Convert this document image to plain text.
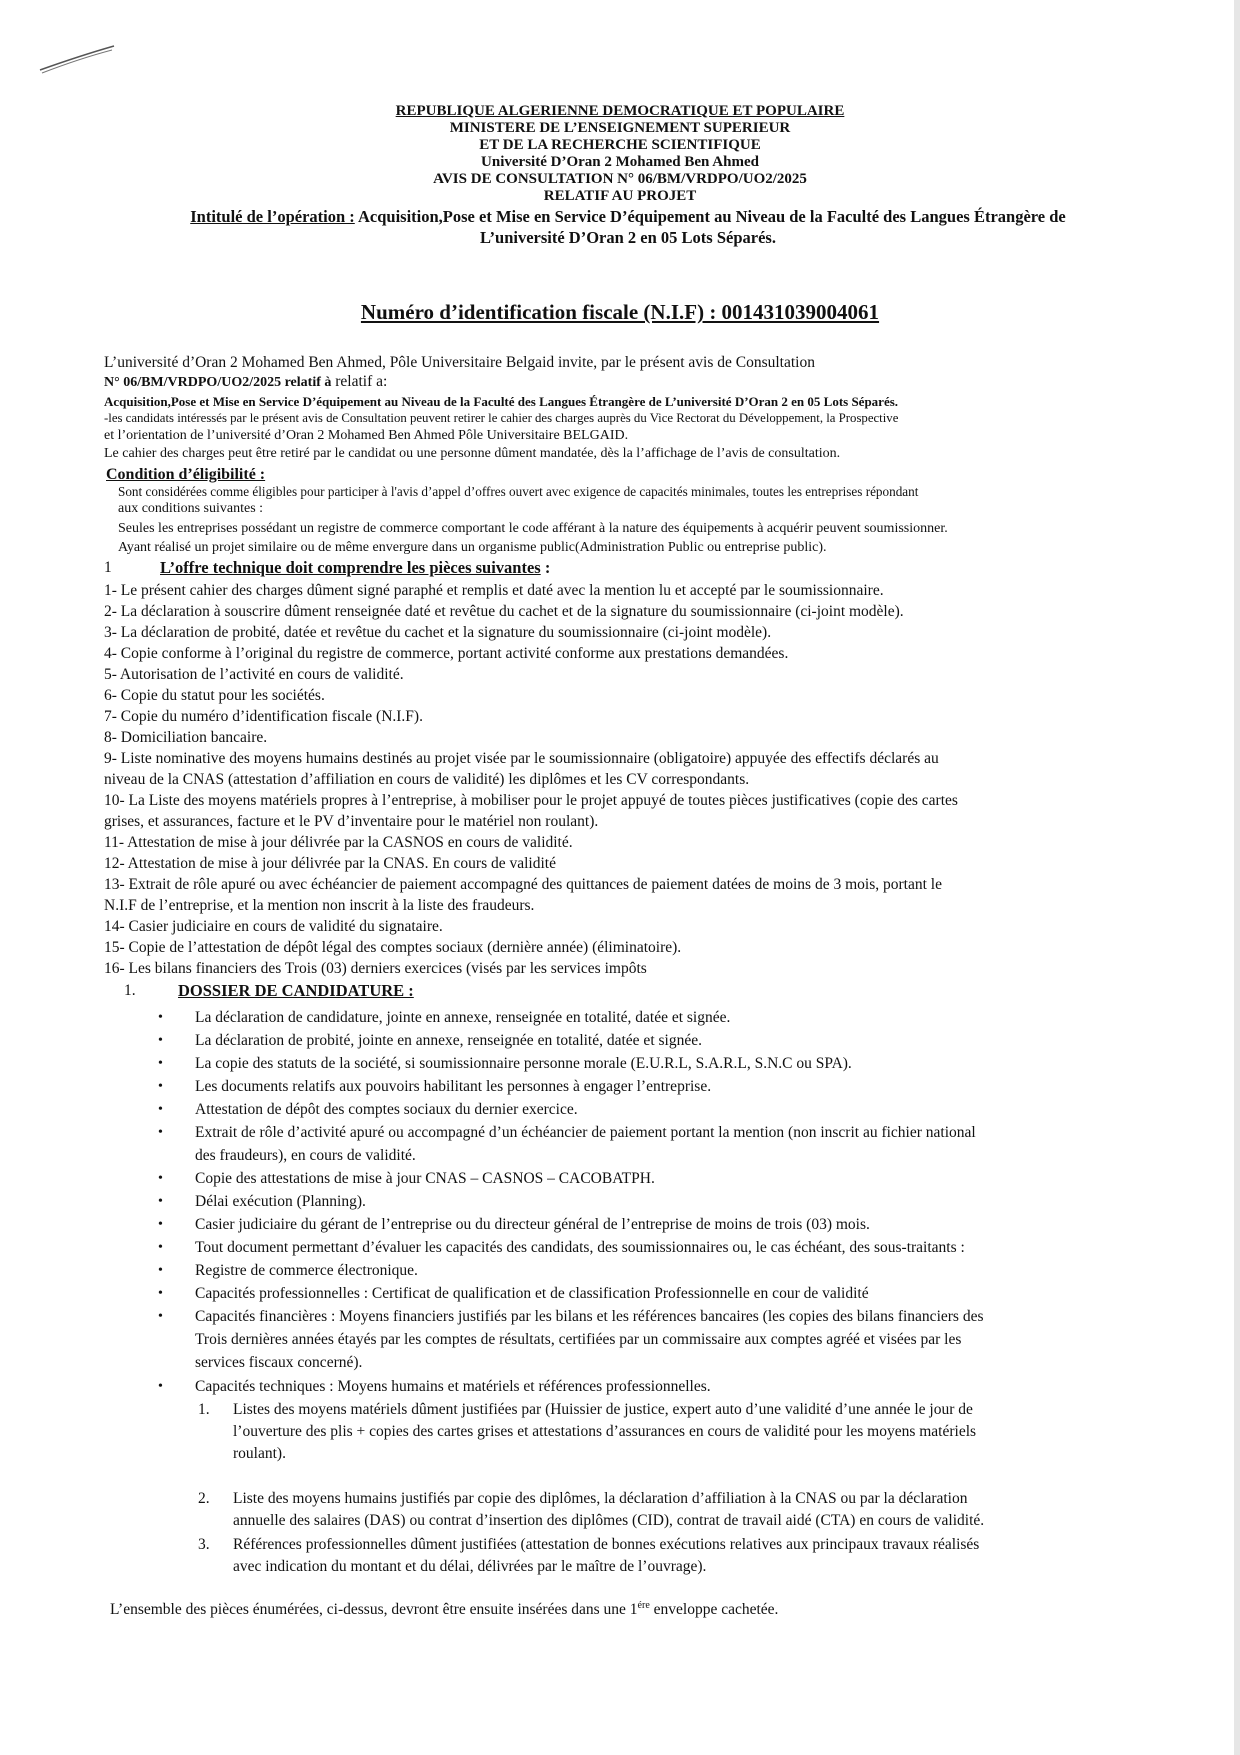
REPUBLIQUE ALGERIENNE DEMOCRATIQUE ET POPULAIRE
MINISTERE DE L’ENSEIGNEMENT SUPERIEUR
ET DE LA RECHERCHE SCIENTIFIQUE
Université D’Oran 2 Mohamed Ben Ahmed
AVIS DE CONSULTATION N° 06/BM/VRDPO/UO2/2025
RELATIF AU PROJET
Intitulé de l’opération : Acquisition,Pose et Mise en Service D’équipement au Niveau de la Faculté des Langues Étrangère de
L’université D’Oran 2 en 05 Lots Séparés.
Numéro d’identification fiscale (N.I.F) : 001431039004061
L’université d’Oran 2 Mohamed Ben Ahmed, Pôle Universitaire Belgaid invite, par le présent avis de Consultation
N° 06/BM/VRDPO/UO2/2025 relatif à relatif a:
Acquisition,Pose et Mise en Service D’équipement au Niveau de la Faculté des Langues Étrangère de L’université D’Oran 2 en 05 Lots Séparés.
-les candidats intéressés par le présent avis de Consultation peuvent retirer le cahier des charges auprès du Vice Rectorat du Développement, la Prospective
et l’orientation de l’université d’Oran 2 Mohamed Ben Ahmed Pôle Universitaire BELGAID.
Le cahier des charges peut être retiré par le candidat ou une personne dûment mandatée, dès la l’affichage de l’avis de consultation.
Condition d’éligibilité :
Sont considérées comme éligibles pour participer à l'avis d’appel d’offres ouvert avec exigence de capacités minimales, toutes les entreprises répondant
aux conditions suivantes :
Seules les entreprises possédant un registre de commerce comportant le code afférant à la nature des équipements à acquérir peuvent soumissionner.
Ayant réalisé un projet similaire ou de même envergure dans un organisme public(Administration Public ou entreprise public).
1	L’offre technique doit comprendre les pièces suivantes :
1- Le présent cahier des charges dûment signé paraphé et remplis et daté avec la mention lu et accepté par le soumissionnaire.
2- La déclaration à souscrire dûment renseignée daté et revêtue du cachet et de la signature du soumissionnaire (ci-joint modèle).
3- La déclaration de probité, datée et revêtue du cachet et la signature du soumissionnaire (ci-joint modèle).
4- Copie conforme à l’original du registre de commerce, portant activité conforme aux prestations demandées.
5- Autorisation de l’activité en cours de validité.
6- Copie du statut pour les sociétés.
7- Copie du numéro d’identification fiscale (N.I.F).
8- Domiciliation bancaire.
9- Liste nominative des moyens humains destinés au projet visée par le soumissionnaire (obligatoire) appuyée des effectifs déclarés au
niveau de la CNAS (attestation d’affiliation en cours de validité) les diplômes et les CV correspondants.
10- La Liste des moyens matériels propres à l’entreprise, à mobiliser pour le projet appuyé de toutes pièces justificatives (copie des cartes
grises, et assurances, facture et le PV d’inventaire pour le matériel non roulant).
11- Attestation de mise à jour délivrée par la CASNOS en cours de validité.
12- Attestation de mise à jour délivrée par la CNAS. En cours de validité
13- Extrait de rôle apuré ou avec échéancier de paiement accompagné des quittances de paiement datées de moins de 3 mois, portant le
N.I.F de l’entreprise, et la mention non inscrit à la liste des fraudeurs.
14- Casier judiciaire en cours de validité du signataire.
15- Copie de l’attestation de dépôt légal des comptes sociaux (dernière année) (éliminatoire).
16- Les bilans financiers des Trois (03) derniers exercices (visés par les services impôts
1.	DOSSIER DE CANDIDATURE :
• La déclaration de candidature, jointe en annexe, renseignée en totalité, datée et signée.
• La déclaration de probité, jointe en annexe, renseignée en totalité, datée et signée.
• La copie des statuts de la société, si soumissionnaire personne morale (E.U.R.L, S.A.R.L, S.N.C ou SPA).
• Les documents relatifs aux pouvoirs habilitant les personnes à engager l’entreprise.
• Attestation de dépôt des comptes sociaux du dernier exercice.
• Extrait de rôle d’activité apuré ou accompagné d’un échéancier de paiement portant la mention (non inscrit au fichier national
des fraudeurs), en cours de validité.
• Copie des attestations de mise à jour CNAS – CASNOS – CACOBATPH.
• Délai exécution (Planning).
• Casier judiciaire du gérant de l’entreprise ou du directeur général de l’entreprise de moins de trois (03) mois.
• Tout document permettant d’évaluer les capacités des candidats, des soumissionnaires ou, le cas échéant, des sous-traitants :
• Registre de commerce électronique.
• Capacités professionnelles : Certificat de qualification et de classification Professionnelle en cour de validité
• Capacités financières : Moyens financiers justifiés par les bilans et les références bancaires (les copies des bilans financiers des
Trois dernières années étayés par les comptes de résultats, certifiées par un commissaire aux comptes agréé et visées par les
services fiscaux concerné).
• Capacités techniques : Moyens humains et matériels et références professionnelles.
1. Listes des moyens matériels dûment justifiées par (Huissier de justice, expert auto d’une validité d’une année le jour de
l’ouverture des plis + copies des cartes grises et attestations d’assurances en cours de validité pour les moyens matériels
roulant).
2. Liste des moyens humains justifiés par copie des diplômes, la déclaration d’affiliation à la CNAS ou par la déclaration
annuelle des salaires (DAS) ou contrat d’insertion des diplômes (CID), contrat de travail aidé (CTA) en cours de validité.
3. Références professionnelles dûment justifiées (attestation de bonnes exécutions relatives aux principaux travaux réalisés
avec indication du montant et du délai, délivrées par le maître de l’ouvrage).
L’ensemble des pièces énumérées, ci-dessus, devront être ensuite insérées dans une $1^{ére}$ enveloppe cachetée.
